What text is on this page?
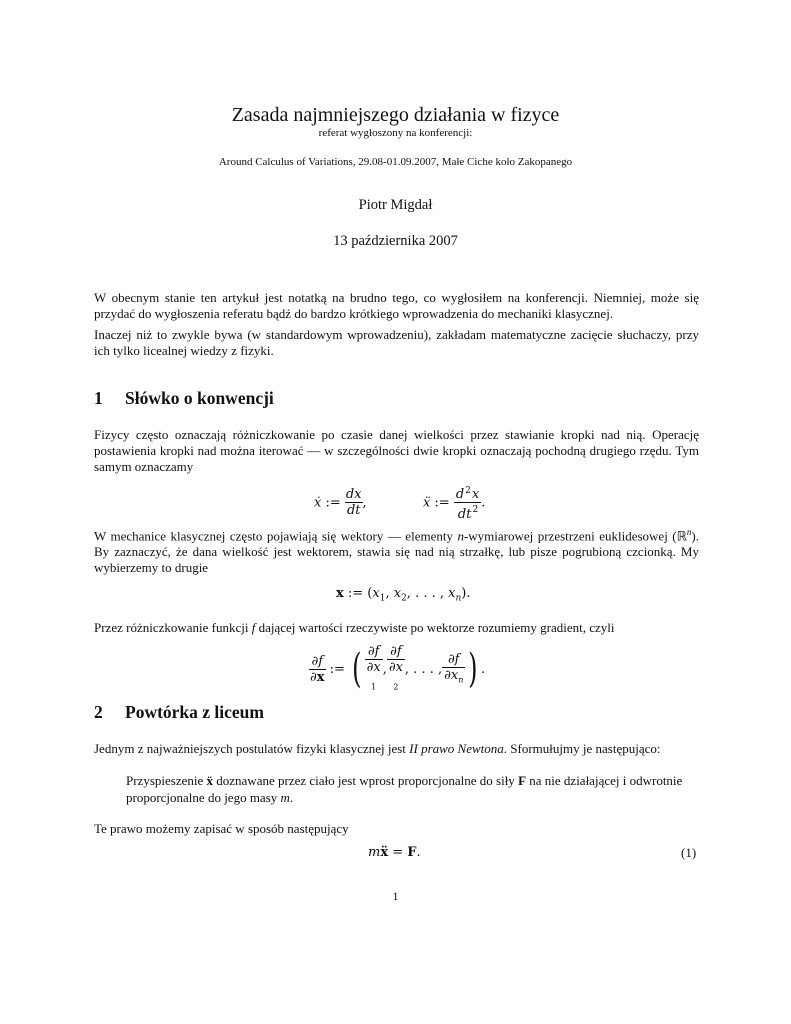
Zasada najmniejszego działania w fizyce
referat wygłoszony na konferencji:
Around Calculus of Variations, 29.08-01.09.2007, Małe Ciche koło Zakopanego
Piotr Migdał
13 października 2007
W obecnym stanie ten artykuł jest notatką na brudno tego, co wygłosiłem na konferencji. Niemniej, może się przydać do wygłoszenia referatu bądź do bardzo krótkiego wprowadzenia do mechaniki klasycznej.
Inaczej niż to zwykle bywa (w standardowym wprowadzeniu), zakładam matematyczne zacięcie słuchaczy, przy ich tylko licealnej wiedzy z fizyki.
1 Słówko o konwencji
Fizycy często oznaczają różniczkowanie po czasie danej wielkości przez stawianie kropki nad nią. Operację postawienia kropki nad można iterować — w szczególności dwie kropki oznaczają pochodną drugiego rzędu. Tym samym oznaczamy
ẋ := $\frac{dx}{dt}$ ,	ẍ := $\frac{d^2x}{dt^2}$ .
W mechanice klasycznej często pojawiają się wektory — elementy n-wymiarowej przestrzeni euklidesowej (ℝ$^n$). By zaznaczyć, że dana wielkość jest wektorem, stawia się nad nią strzałkę, lub pisze pogrubioną czcionką. My wybierzemy to drugie
x := ($x_1$, $x_2$, . . . , $x_n$).
Przez różniczkowanie funkcji f dającej wartości rzeczywiste po wektorze rozumiemy gradient, czyli
$\frac{\partial f}{\partial x}$ := ( ∂f
∂x
$_1$ , ∂f
∂x
$_2$ , . . . , $\frac{\partial f}{\partial x_n}$ ) .
2 Powtórka z liceum
Jednym z najważniejszych postulatów fizyki klasycznej jest II prawo Newtona. Sformułujmy je następująco:
Przyspieszenie ẍ doznawane przez ciało jest wprost proporcjonalne do siły F na nie działającej i odwrotnie proporcjonalne do jego masy m.
Te prawo możemy zapisać w sposób następujący
mẍ = F.	(1)
1
